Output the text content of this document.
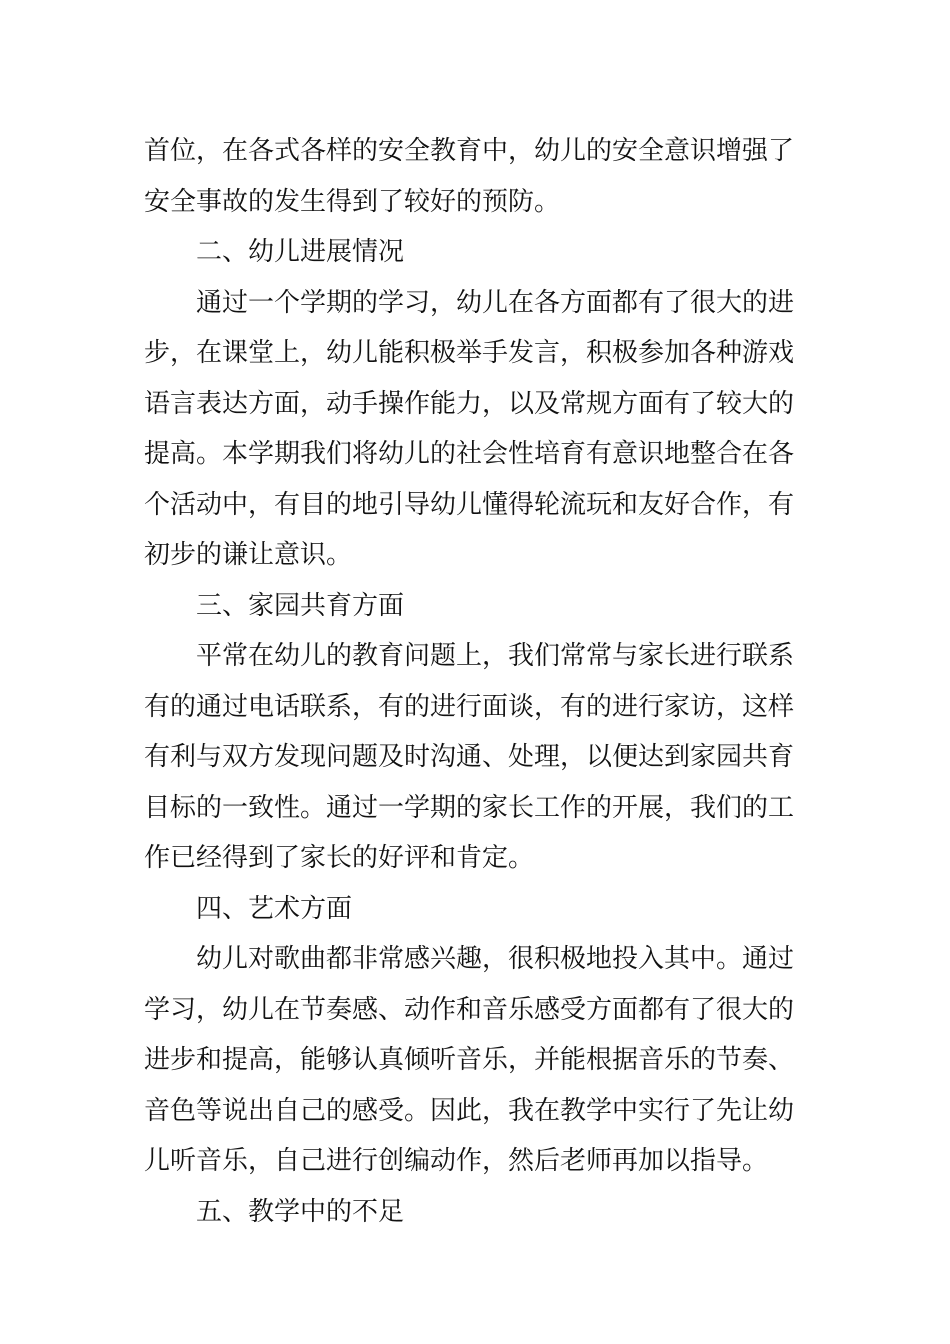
首位，在各式各样的安全教育中，幼儿的安全意识增强了
安全事故的发生得到了较好的预防。
二、幼儿进展情况
通过一个学期的学习，幼儿在各方面都有了很大的进
步，在课堂上，幼儿能积极举手发言，积极参加各种游戏
语言表达方面，动手操作能力，以及常规方面有了较大的
提高。本学期我们将幼儿的社会性培育有意识地整合在各
个活动中，有目的地引导幼儿懂得轮流玩和友好合作，有
初步的谦让意识。
三、家园共育方面
平常在幼儿的教育问题上，我们常常与家长进行联系
有的通过电话联系，有的进行面谈，有的进行家访，这样
有利与双方发现问题及时沟通、处理，以便达到家园共育
目标的一致性。通过一学期的家长工作的开展，我们的工
作已经得到了家长的好评和肯定。
四、艺术方面
幼儿对歌曲都非常感兴趣，很积极地投入其中。通过
学习，幼儿在节奏感、动作和音乐感受方面都有了很大的
进步和提高，能够认真倾听音乐，并能根据音乐的节奏、
音色等说出自己的感受。因此，我在教学中实行了先让幼
儿听音乐，自己进行创编动作，然后老师再加以指导。
五、教学中的不足
